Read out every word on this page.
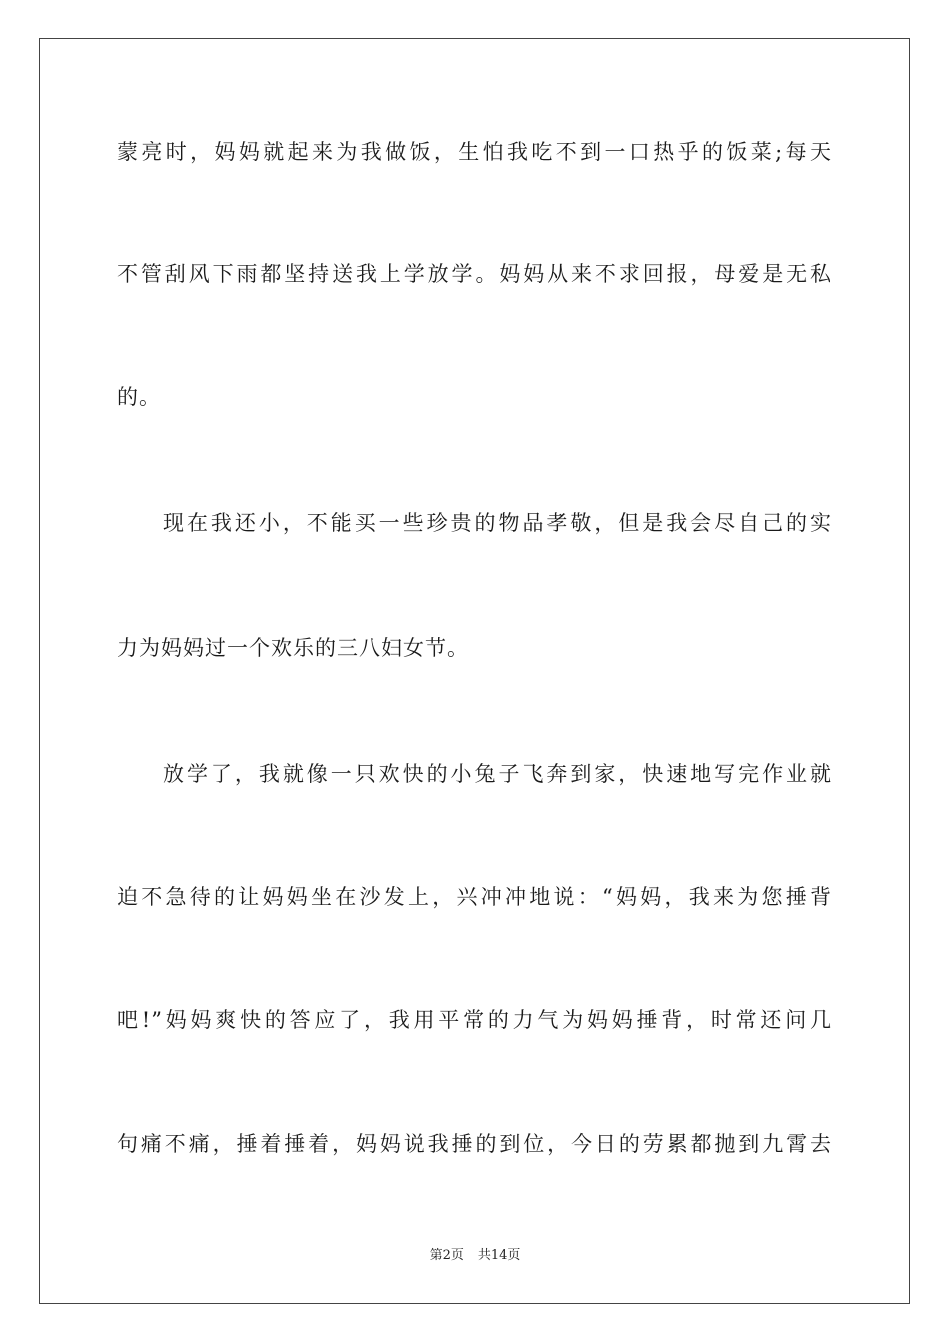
蒙亮时，妈妈就起来为我做饭，生怕我吃不到一口热乎的饭菜;每天
不管刮风下雨都坚持送我上学放学。妈妈从来不求回报，母爱是无私
的。
现在我还小，不能买一些珍贵的物品孝敬，但是我会尽自己的实
力为妈妈过一个欢乐的三八妇女节。
放学了，我就像一只欢快的小兔子飞奔到家，快速地写完作业就
迫不急待的让妈妈坐在沙发上，兴冲冲地说：“妈妈，我来为您捶背
吧!”妈妈爽快的答应了，我用平常的力气为妈妈捶背，时常还问几
句痛不痛，捶着捶着，妈妈说我捶的到位，今日的劳累都抛到九霄去
第2页 共14页
